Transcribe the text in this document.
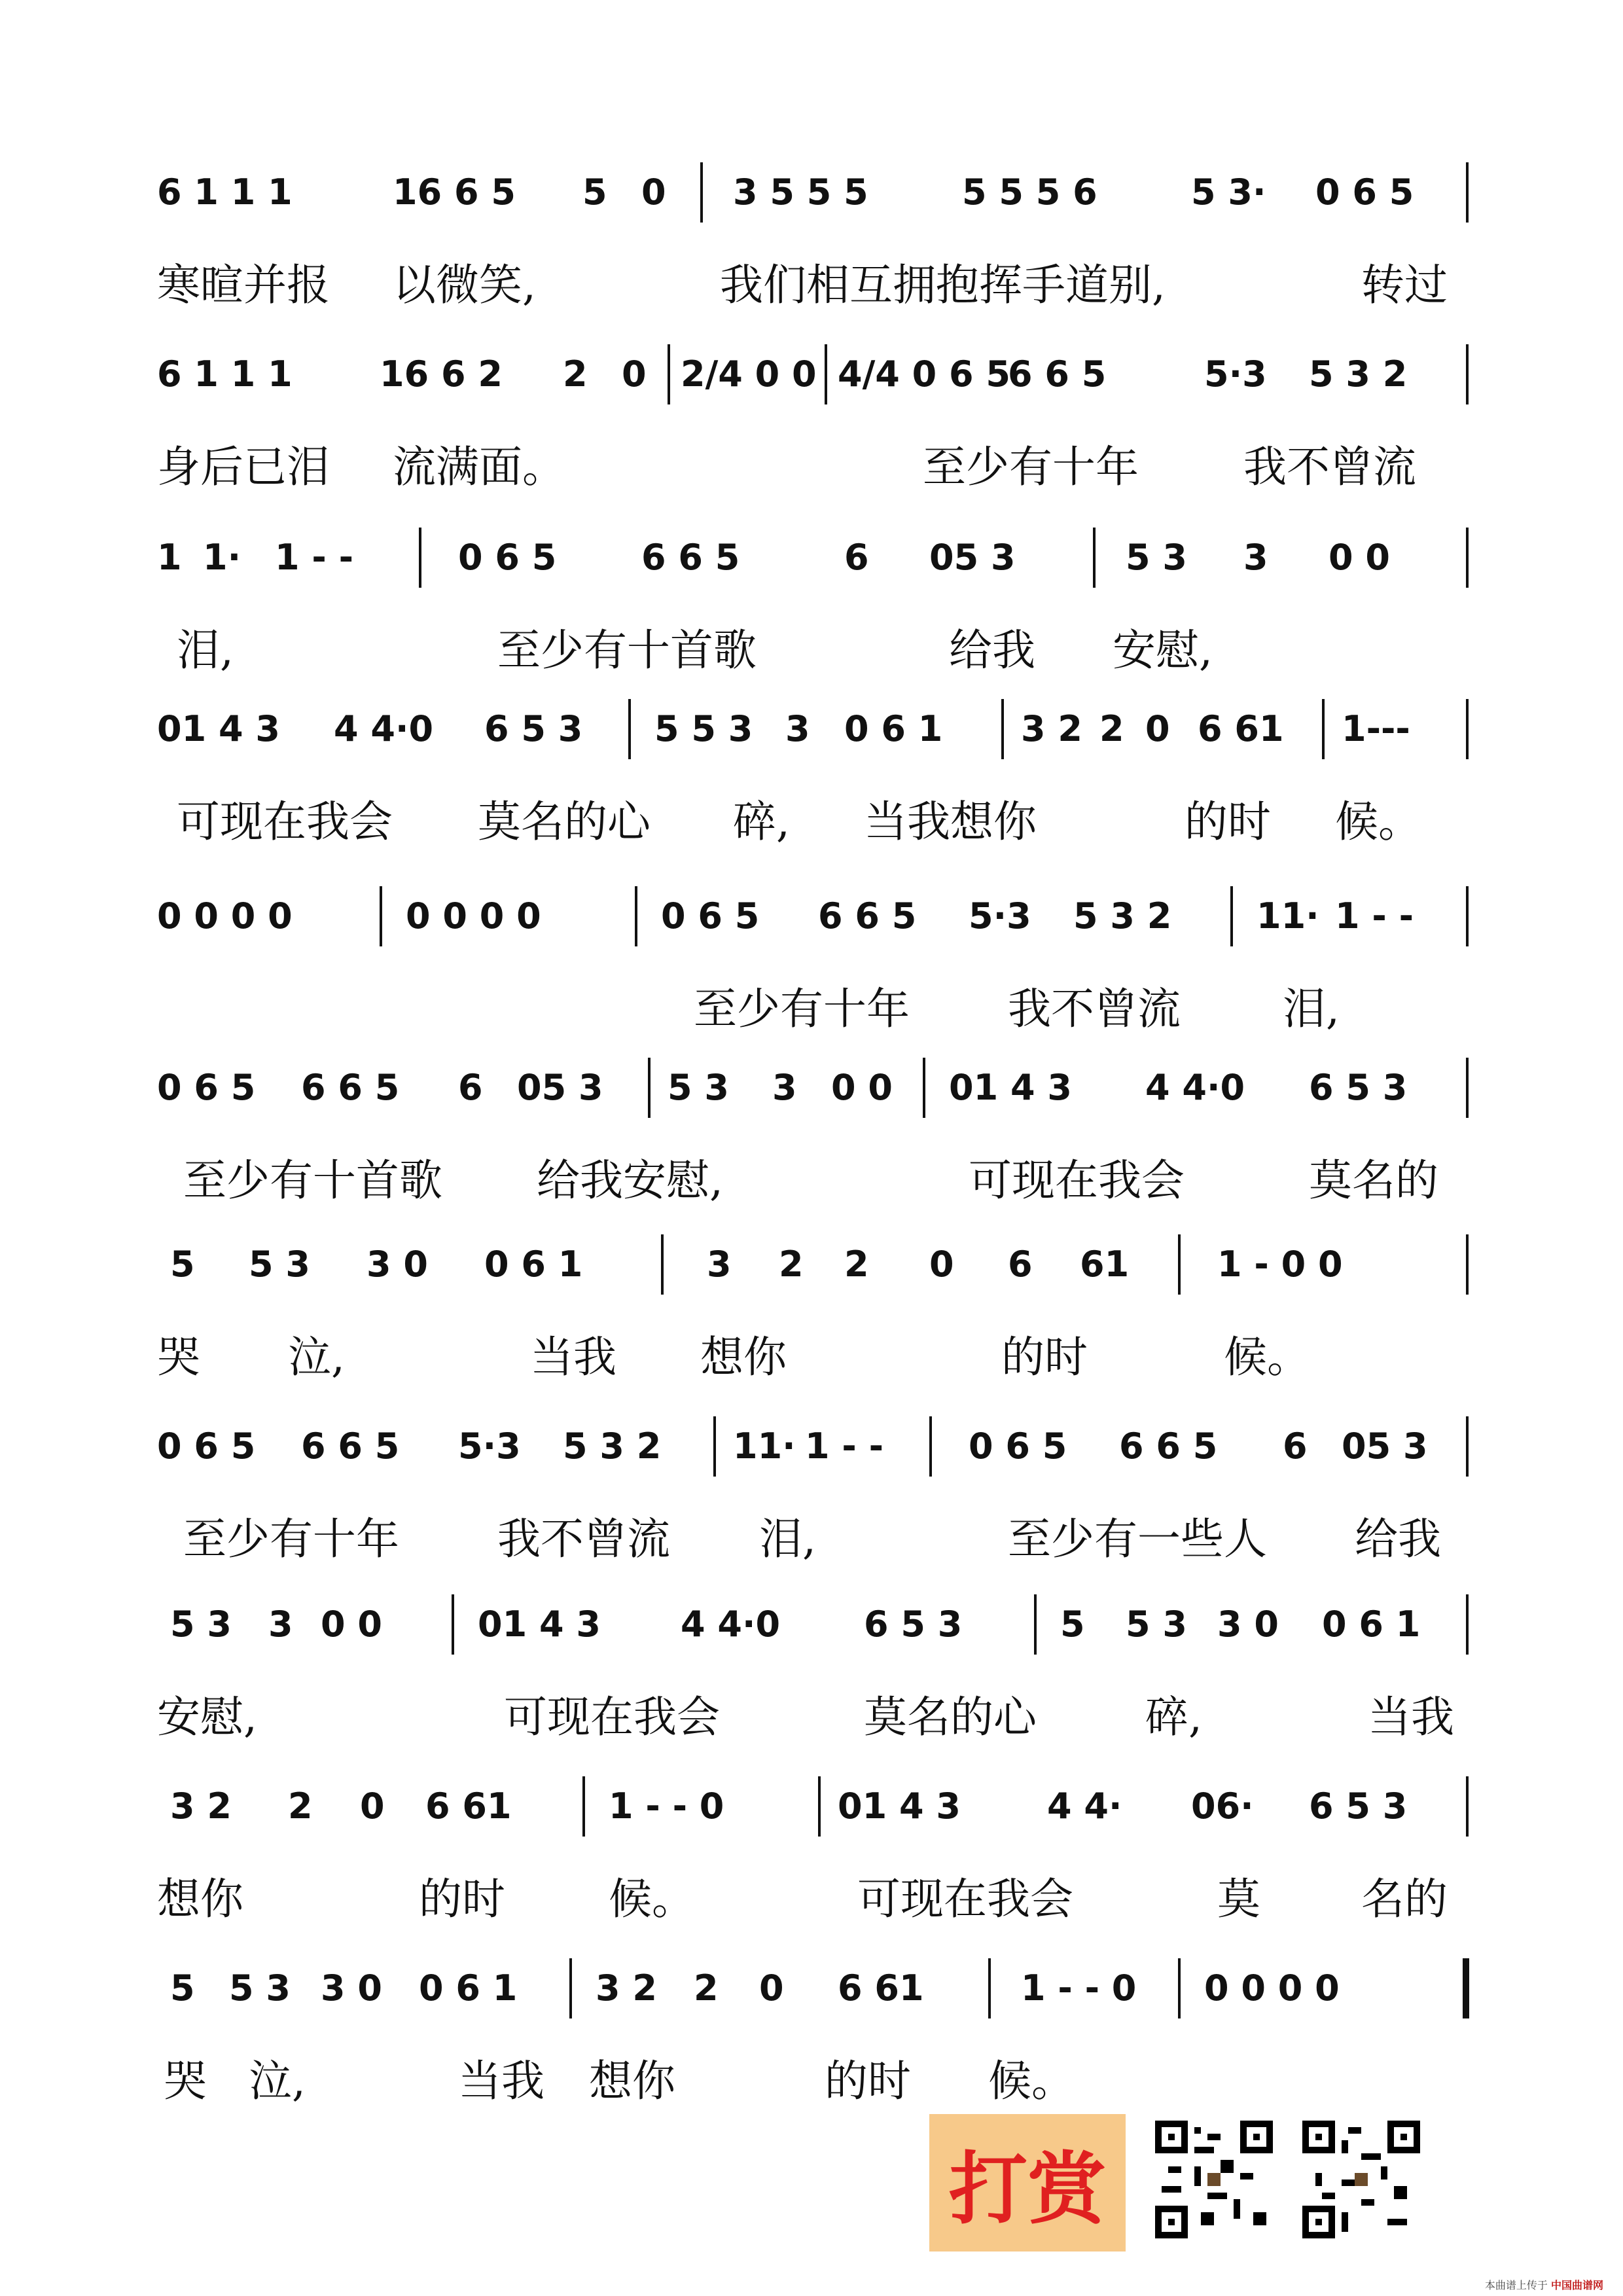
6 1 1 1	16 6 5 5 0 3 5 5 5	5 5 5 6	5 3· 0 6 5
寒暄并报 以微笑,	我们相互拥抱挥手道别,	转过
6 1 1 1 16 6 2 2 0 2/4 0 0 4/4 0 6 5
6 6 5	5·3 5 3 2
身后已泪 流满面。	至少有十年 我不曾流
1 1· 1 - -	0 6 5 6 6 5	6 05 3	5 3 3 0 0
泪,	至少有十首歌	给我 安慰,
01 4 3 4 4·0 6 5 3 5 5 3 3 0 6 1 3 2 2 0 6 61 1---
可现在我会 莫名的心 碎, 当我想你	的时 候。
0 0 0 0	0 0 0 0	0 6 5 6 6 5 5·3 5 3 2 11· 1 - -
至少有十年 我不曾流 泪,
0 6 5 6 6 5 6 05 3 5 3 3 0 0 01 4 3 4 4·0 6 5 3
至少有十首歌 给我安慰,	可现在我会	莫名的
5 5 3 3 0 0 6 1	3 2 2 0 6 61 1 - 0 0
哭 泣,	当我 想你	的时	候。
0 6 5 6 6 5 5·3 5 3 2 11· 1 - - 0 6 5 6 6 5 6 05 3
至少有十年 我不曾流 泪,	至少有一些人 给我
5 3 3 0 0	01 4 3 4 4·0 6 5 3	5 5 3 3 0 0 6 1
安慰,	可现在我会	莫名的心	碎,	当我
3 2 2 0 6 61	1 - - 0	01 4 3 4 4· 06· 6 5 3
想你	的时 候。	可现在我会	莫 名的
5 5 3 3 0 0 6 1 3 2 2 0 6 61	1 - - 0 0 0 0 0
哭 泣,	当我 想你	的时 候。
打赏
本曲谱上传于 中国曲谱网
